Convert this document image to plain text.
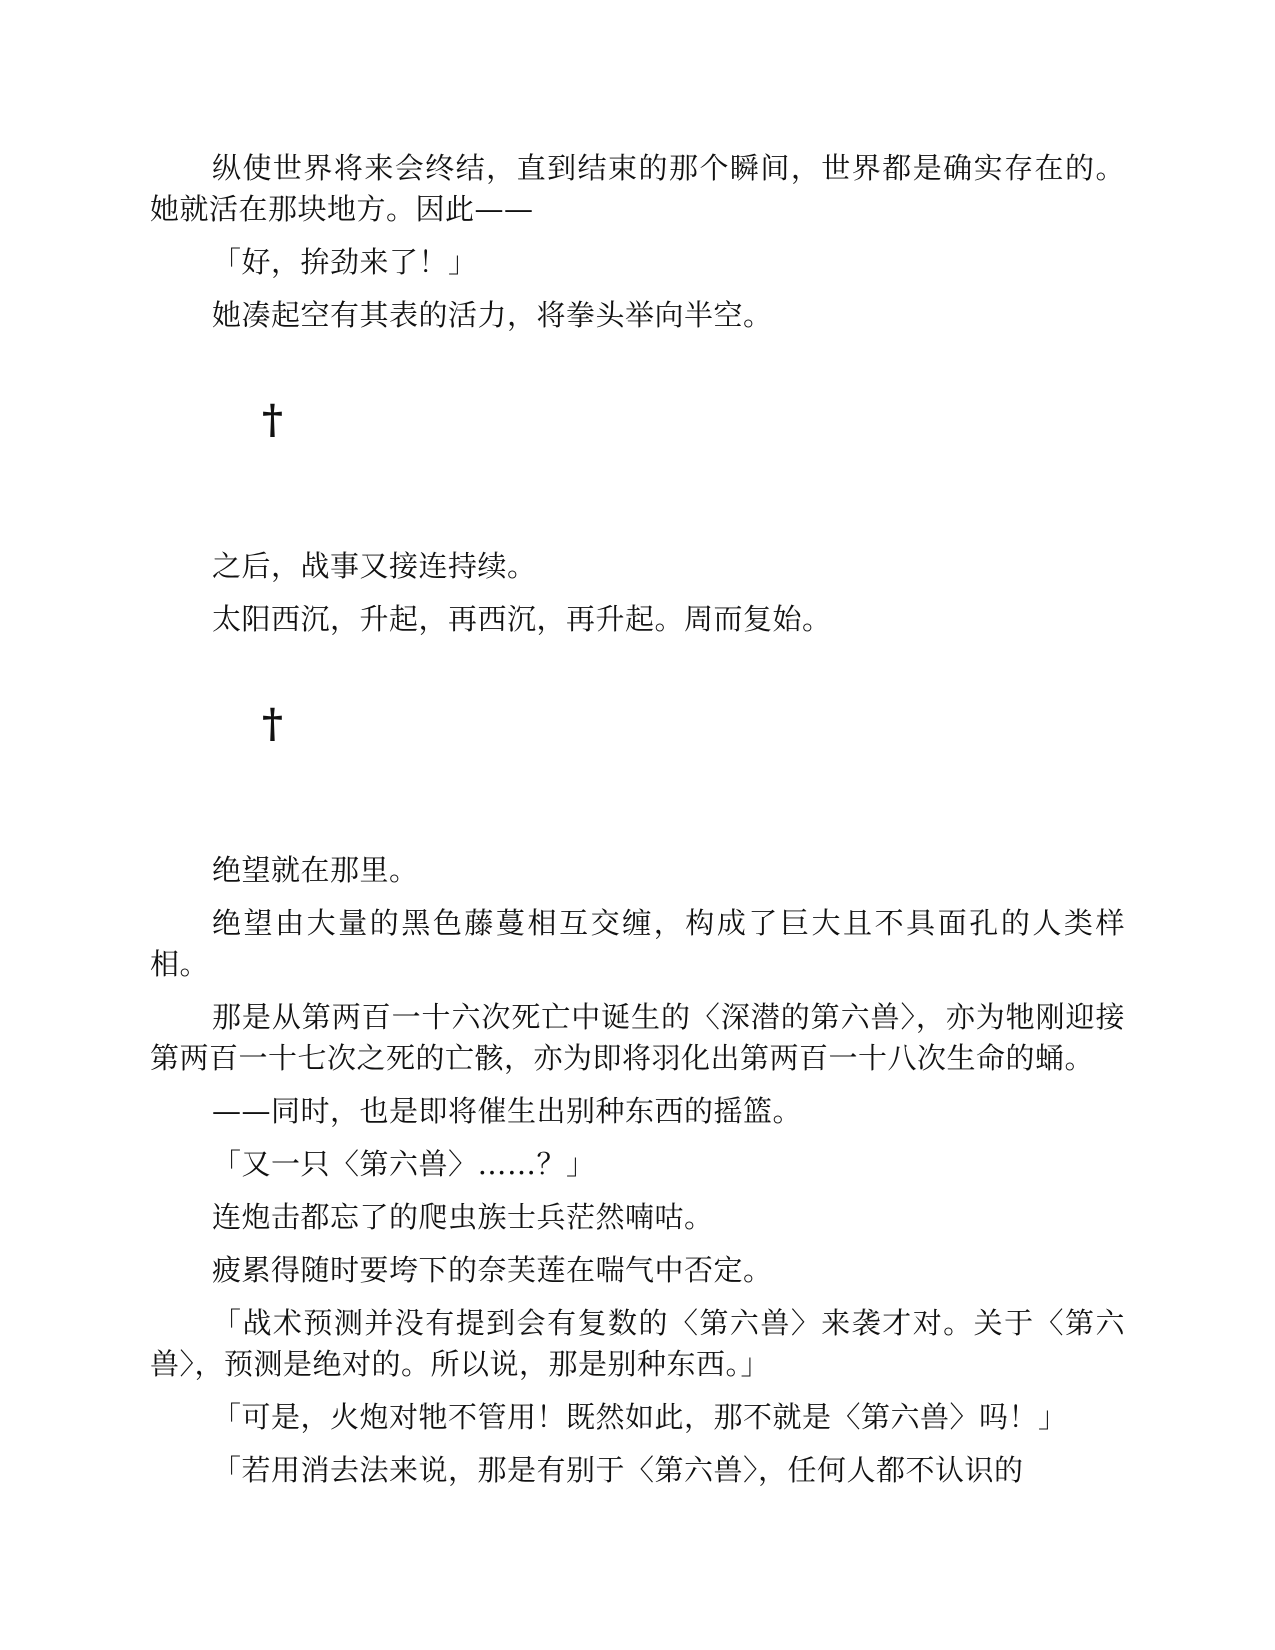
纵使世界将来会终结，直到结束的那个瞬间，世界都是确实存在的。她就活在那块地方。因此——

「好，拚劲来了！」

她凑起空有其表的活力，将拳头举向半空。

†

之后，战事又接连持续。

太阳西沉，升起，再西沉，再升起。周而复始。

†

绝望就在那里。

绝望由大量的黑色藤蔓相互交缠，构成了巨大且不具面孔的人类样相。

那是从第两百一十六次死亡中诞生的〈深潜的第六兽〉，亦为牠刚迎接第两百一十七次之死的亡骸，亦为即将羽化出第两百一十八次生命的蛹。

——同时，也是即将催生出别种东西的摇篮。

「又一只〈第六兽〉……？」

连炮击都忘了的爬虫族士兵茫然喃咕。

疲累得随时要垮下的奈芙莲在喘气中否定。

「战术预测并没有提到会有复数的〈第六兽〉来袭才对。关于〈第六兽〉，预测是绝对的。所以说，那是别种东西。」

「可是，火炮对牠不管用！既然如此，那不就是〈第六兽〉吗！」

「若用消去法来说，那是有别于〈第六兽〉，任何人都不认识的
